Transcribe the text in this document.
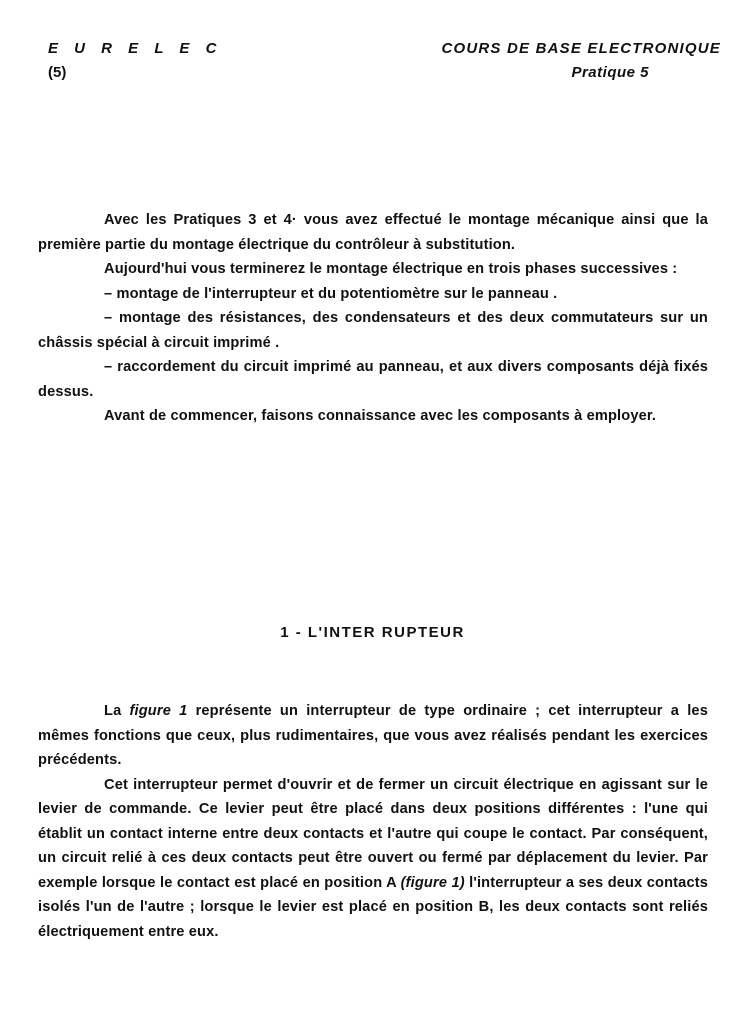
E U R E L E C
(5)
COURS DE BASE ELECTRONIQUE
Pratique 5

Avec les Pratiques 3 et 4· vous avez effectué le montage mécanique ainsi que la première partie du montage électrique du contrôleur à substitution.

Aujourd'hui vous terminerez le montage électrique en trois phases successives :

– montage de l'interrupteur et du potentiomètre sur le panneau .

– montage des résistances, des condensateurs et des deux commutateurs sur un châssis spécial à circuit imprimé .

– raccordement du circuit imprimé au panneau, et aux divers composants déjà fixés dessus.

Avant de commencer, faisons connaissance avec les composants à employer.

1 - L'INTER RUPTEUR

La figure 1 représente un interrupteur de type ordinaire ; cet interrupteur a les mêmes fonctions que ceux, plus rudimentaires, que vous avez réalisés pendant les exercices précédents.

Cet interrupteur permet d'ouvrir et de fermer un circuit électrique en agissant sur le levier de commande. Ce levier peut être placé dans deux positions différentes : l'une qui établit un contact interne entre deux contacts et l'autre qui coupe le contact. Par conséquent, un circuit relié à ces deux contacts peut être ouvert ou fermé par déplacement du levier. Par exemple lorsque le contact est placé en position A (figure 1) l'interrupteur a ses deux contacts isolés l'un de l'autre ; lorsque le levier est placé en position B, les deux contacts sont reliés électriquement entre eux.
